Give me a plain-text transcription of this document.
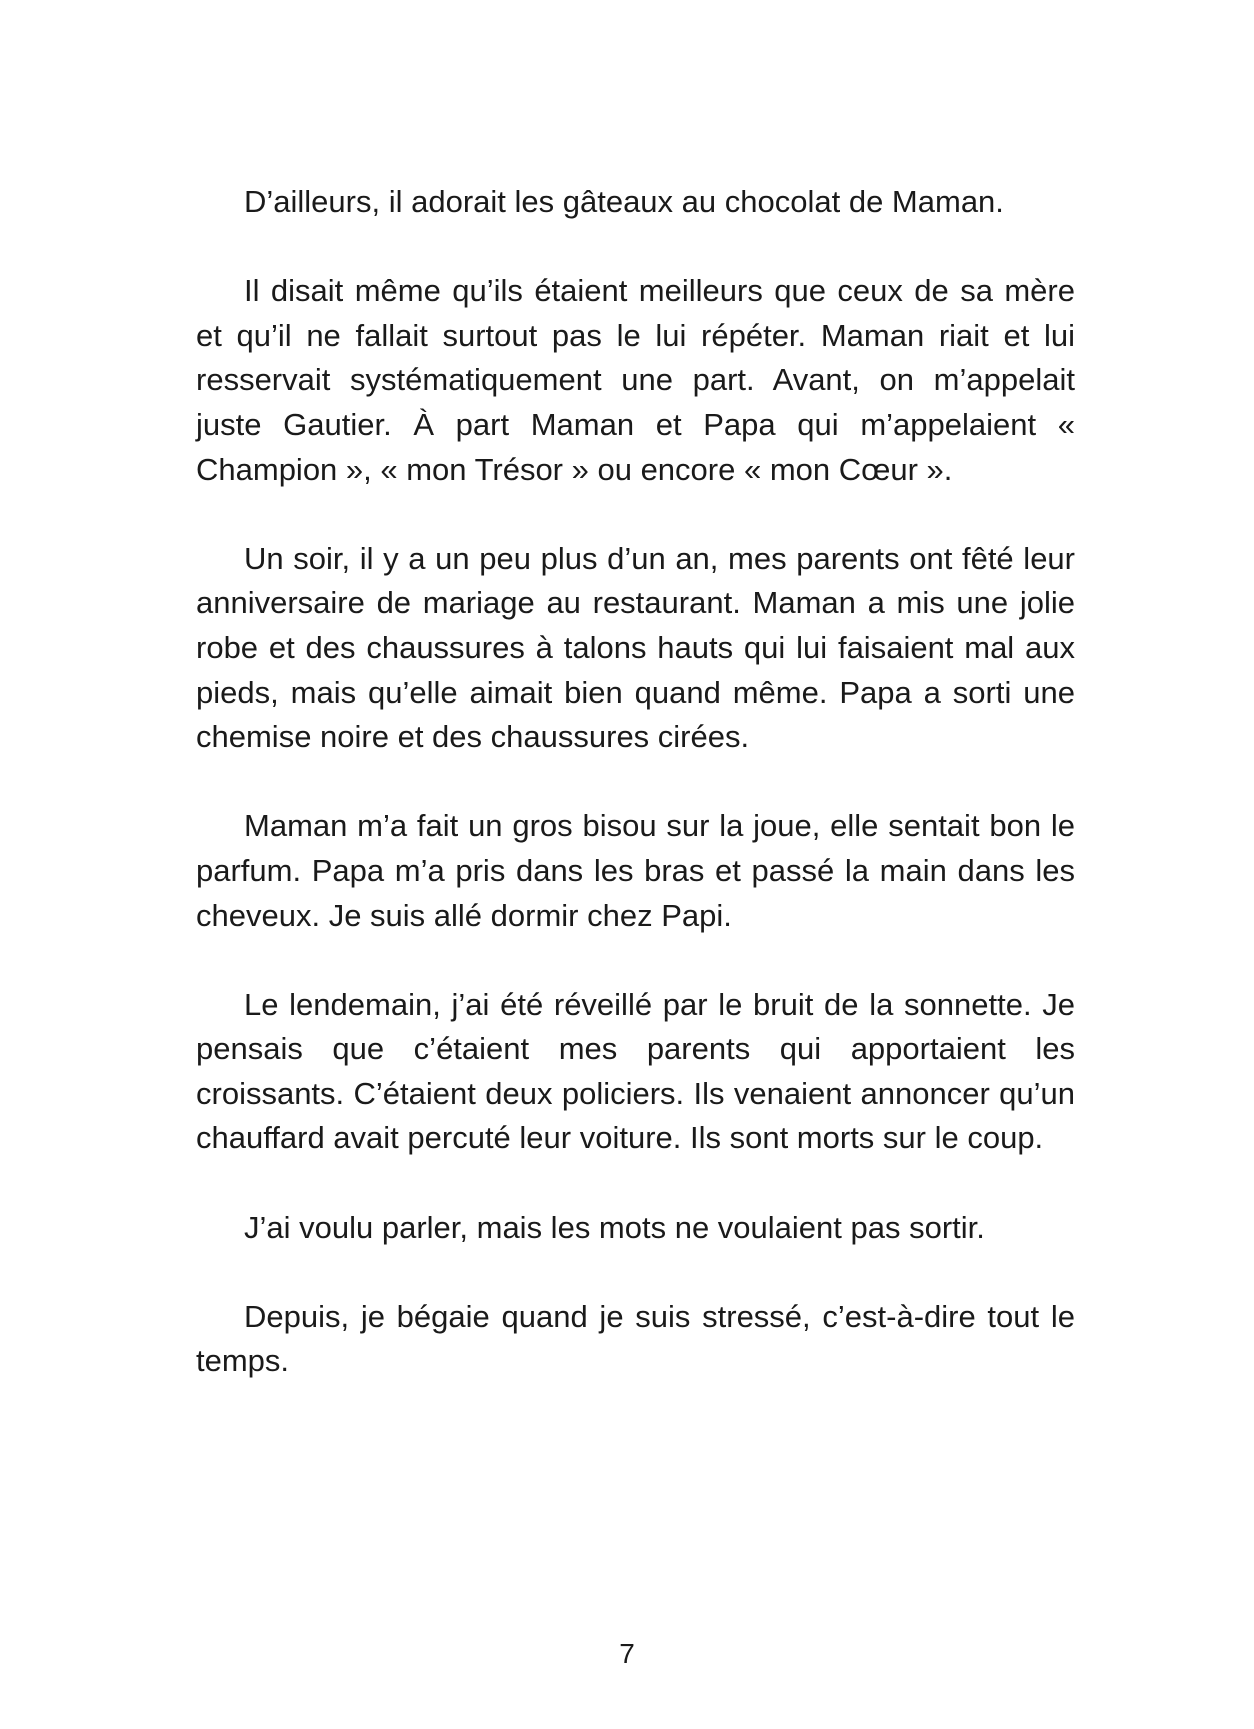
D’ailleurs, il adorait les gâteaux au chocolat de Maman.

Il disait même qu’ils étaient meilleurs que ceux de sa mère et qu’il ne fallait surtout pas le lui répéter. Maman riait et lui resservait systématiquement une part. Avant, on m’appelait juste Gautier. À part Maman et Papa qui m’appelaient « Champion », « mon Trésor » ou encore « mon Cœur ».

Un soir, il y a un peu plus d’un an, mes parents ont fêté leur anniversaire de mariage au restaurant. Maman a mis une jolie robe et des chaussures à talons hauts qui lui faisaient mal aux pieds, mais qu’elle aimait bien quand même. Papa a sorti une chemise noire et des chaussures cirées.

Maman m’a fait un gros bisou sur la joue, elle sentait bon le parfum. Papa m’a pris dans les bras et passé la main dans les cheveux. Je suis allé dormir chez Papi.

Le lendemain, j’ai été réveillé par le bruit de la sonnette. Je pensais que c’étaient mes parents qui apportaient les croissants. C’étaient deux policiers. Ils venaient annoncer qu’un chauffard avait percuté leur voiture. Ils sont morts sur le coup.

J’ai voulu parler, mais les mots ne voulaient pas sortir.

Depuis, je bégaie quand je suis stressé, c’est-à-dire tout le temps.

7
